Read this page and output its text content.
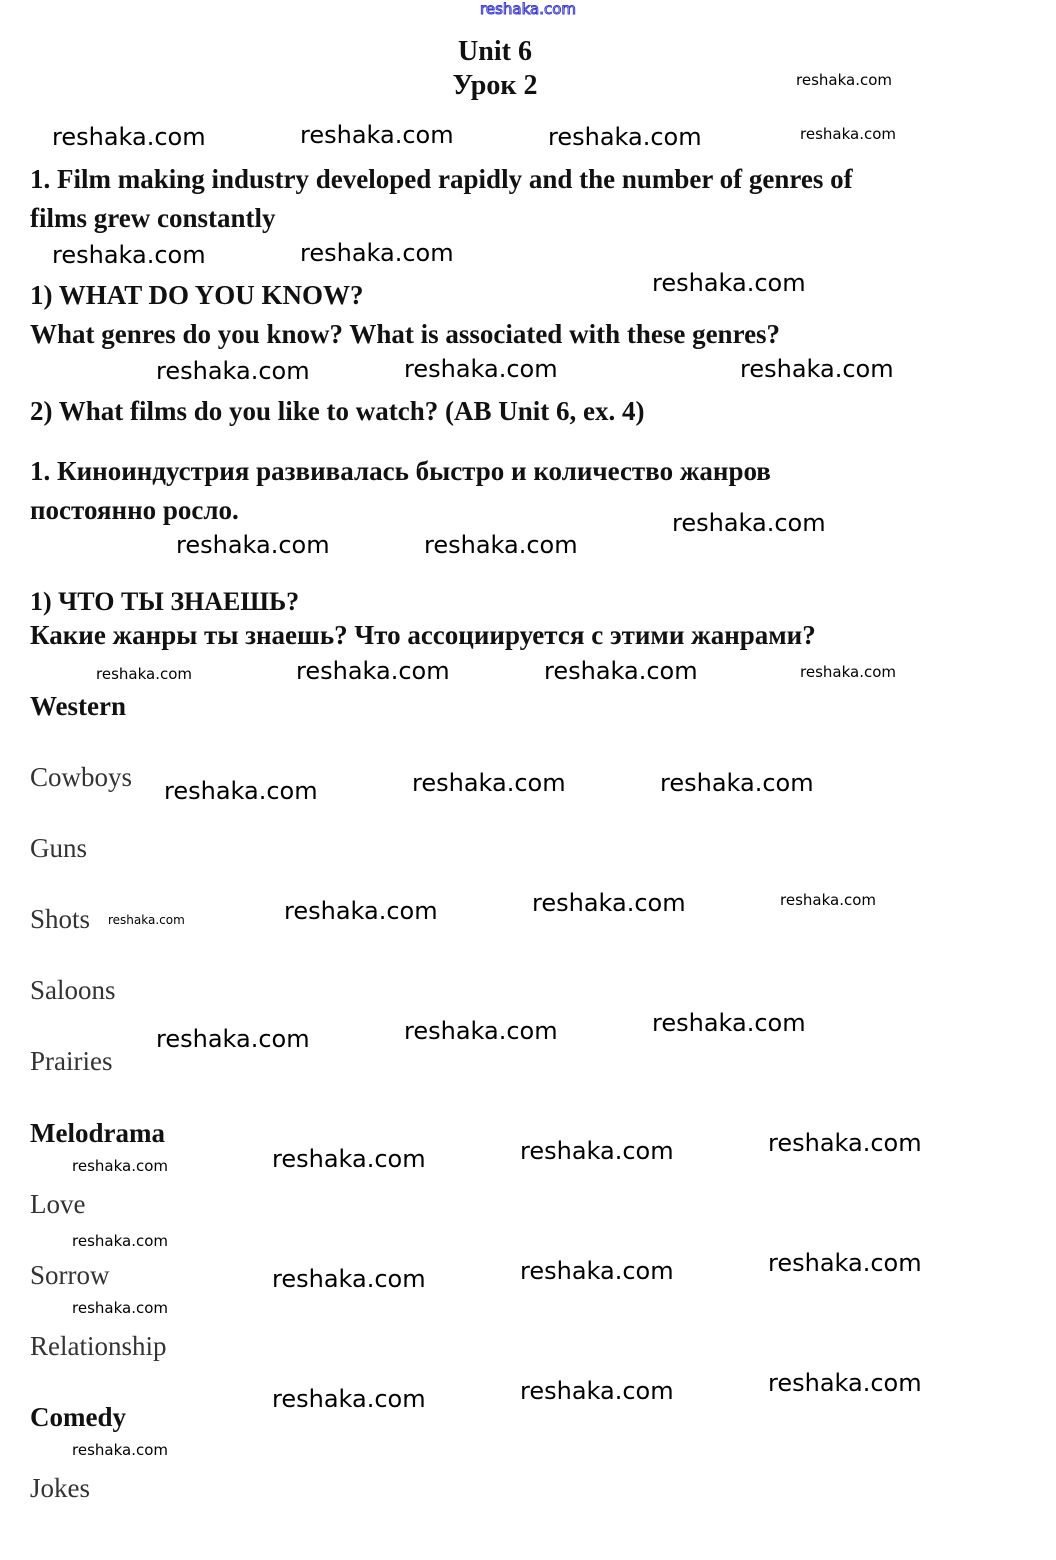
reshaka.com
Unit 6
Урок 2
1. Film making industry developed rapidly and the number of genres of
films grew constantly
1) WHAT DO YOU KNOW?
What genres do you know? What is associated with these genres?
2) What films do you like to watch? (AB Unit 6, ex. 4)
1. Киноиндустрия развивалась быстро и количество жанров
постоянно росло.
1) ЧТО ТЫ ЗНАЕШЬ?
Какие жанры ты знаешь? Что ассоциируется с этими жанрами?
Western
Cowboys
Guns
Shots
Saloons
Prairies
Melodrama
Love
Sorrow
Relationship
Comedy
Jokes
reshaka.com	reshaka.com	reshaka.com
reshaka.com	reshaka.com
reshaka.com
reshaka.com	reshaka.com	reshaka.com
reshaka.com
reshaka.com	reshaka.com
reshaka.com	reshaka.com
reshaka.com	reshaka.com	reshaka.com
reshaka.com	reshaka.com
reshaka.com	reshaka.com	reshaka.com
reshaka.com	reshaka.com	reshaka.com
reshaka.com	reshaka.com	reshaka.com
reshaka.com	reshaka.com	reshaka.com
reshaka.com
reshaka.com
reshaka.com	reshaka.com
reshaka.com
reshaka.com
reshaka.com
reshaka.com
reshaka.com
reshaka.com
